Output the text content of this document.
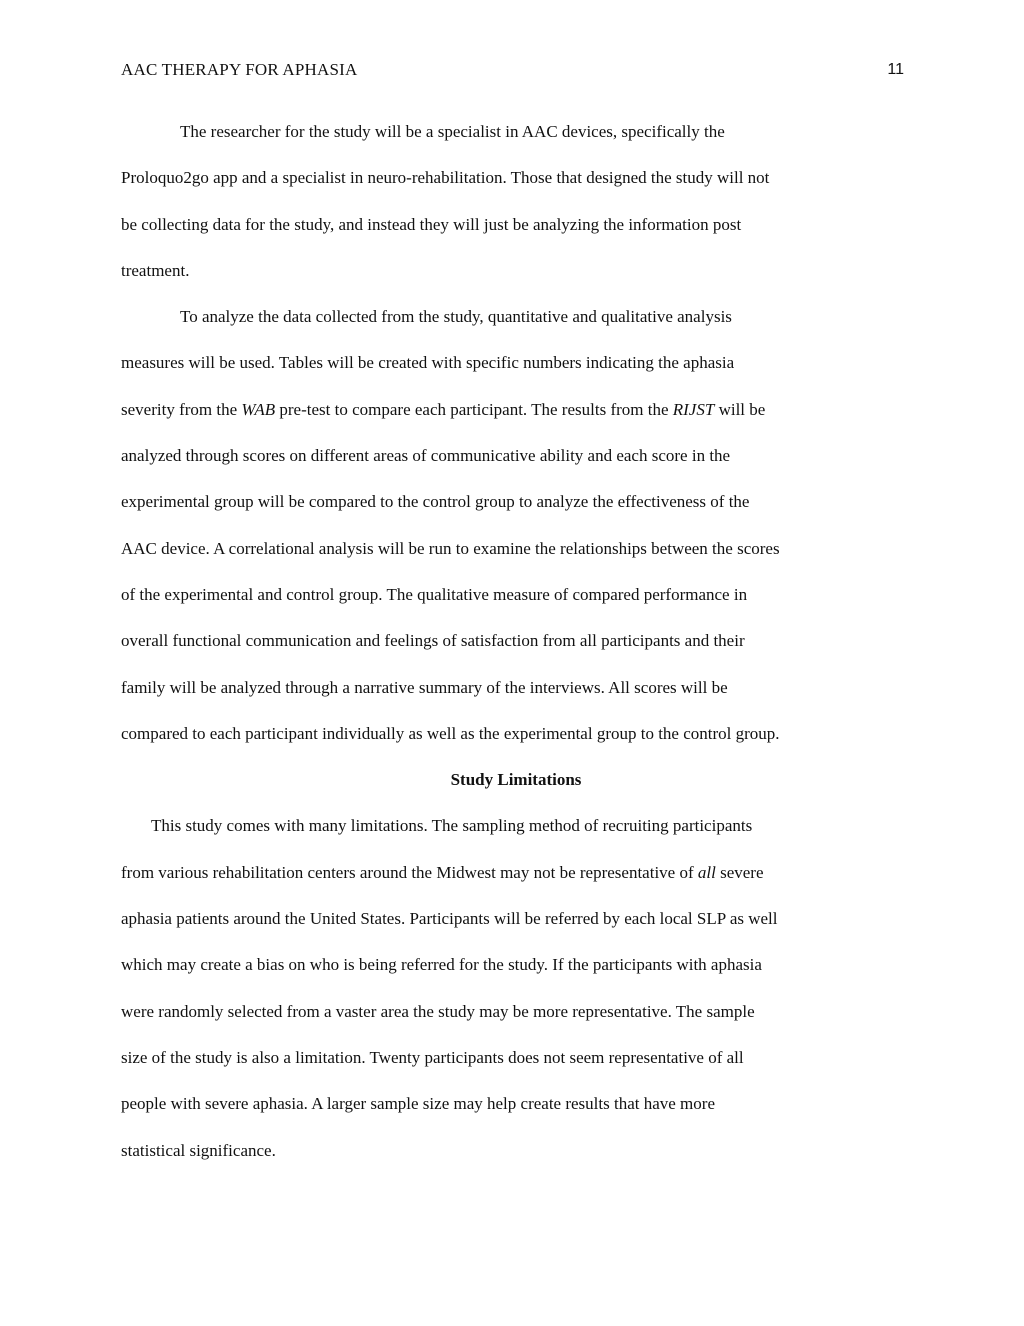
AAC THERAPY FOR APHASIA	11
The researcher for the study will be a specialist in AAC devices, specifically the
Proloquo2go app and a specialist in neuro-rehabilitation. Those that designed the study will not
be collecting data for the study, and instead they will just be analyzing the information post
treatment.
To analyze the data collected from the study, quantitative and qualitative analysis
measures will be used. Tables will be created with specific numbers indicating the aphasia
severity from the WAB pre-test to compare each participant. The results from the RIJST will be
analyzed through scores on different areas of communicative ability and each score in the
experimental group will be compared to the control group to analyze the effectiveness of the
AAC device. A correlational analysis will be run to examine the relationships between the scores
of the experimental and control group. The qualitative measure of compared performance in
overall functional communication and feelings of satisfaction from all participants and their
family will be analyzed through a narrative summary of the interviews. All scores will be
compared to each participant individually as well as the experimental group to the control group.
Study Limitations
This study comes with many limitations. The sampling method of recruiting participants
from various rehabilitation centers around the Midwest may not be representative of all severe
aphasia patients around the United States. Participants will be referred by each local SLP as well
which may create a bias on who is being referred for the study. If the participants with aphasia
were randomly selected from a vaster area the study may be more representative. The sample
size of the study is also a limitation. Twenty participants does not seem representative of all
people with severe aphasia. A larger sample size may help create results that have more
statistical significance.
